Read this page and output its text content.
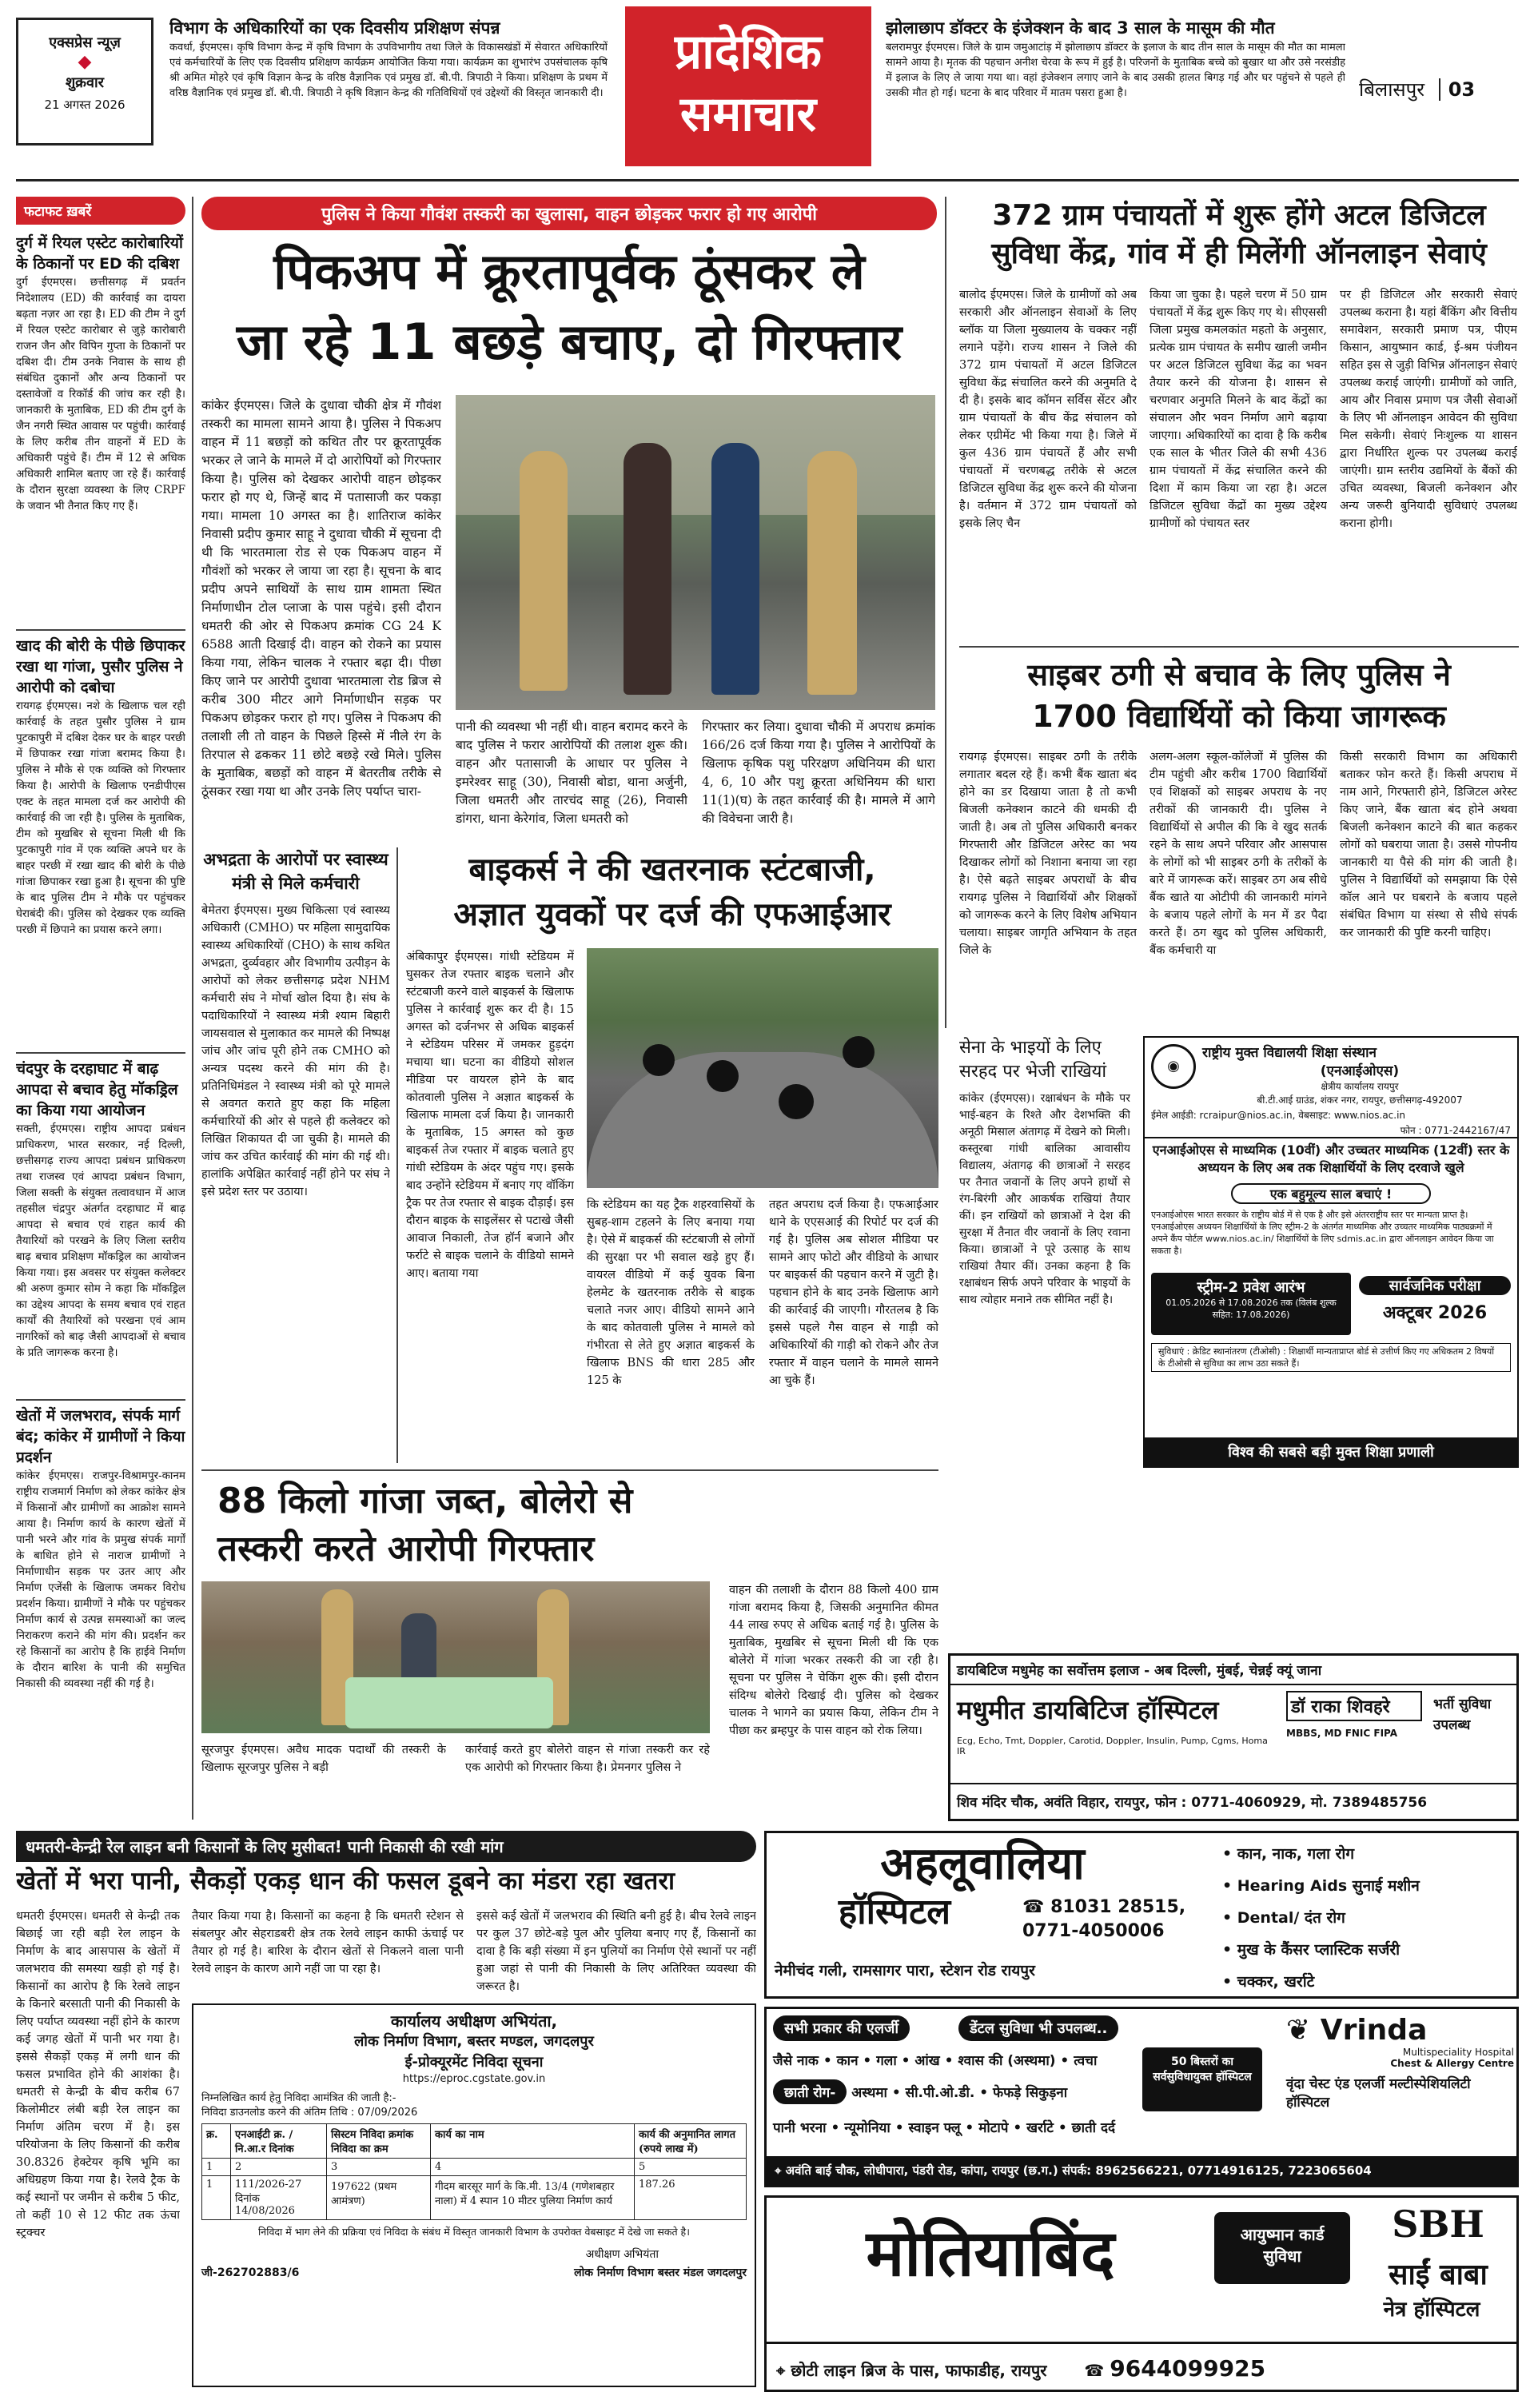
एक्सप्रेस न्यूज़
◆
शुक्रवार
21 अगस्त 2026
विभाग के अधिकारियों का एक दिवसीय प्रशिक्षण संपन्न
कवर्धा, ईएमएस। कृषि विभाग केन्द्र में कृषि विभाग के उपविभागीय तथा जिले के विकासखंडों में सेवारत अधिकारियों एवं कर्मचारियों के लिए एक दिवसीय प्रशिक्षण कार्यक्रम आयोजित किया गया। कार्यक्रम का शुभारंभ उपसंचालक कृषि श्री अमित मोहरे एवं कृषि विज्ञान केन्द्र के वरिष्ठ वैज्ञानिक एवं प्रमुख डॉ. बी.पी. त्रिपाठी ने किया। प्रशिक्षण के प्रथम में वरिष्ठ वैज्ञानिक एवं प्रमुख डॉ. बी.पी. त्रिपाठी ने कृषि विज्ञान केन्द्र की गतिविधियों एवं उद्देश्यों की विस्तृत जानकारी दी।
प्रादेशिक
समाचार
झोलाछाप डॉक्टर के इंजेक्शन के बाद 3 साल के मासूम की मौत
बलरामपुर ईएमएस। जिले के ग्राम जमुआटांड़ में झोलाछाप डॉक्टर के इलाज के बाद तीन साल के मासूम की मौत का मामला सामने आया है। मृतक की पहचान अनीश चेरवा के रूप में हुई है। परिजनों के मुताबिक बच्चे को बुखार था और उसे नरसंडीह में इलाज के लिए ले जाया गया था। वहां इंजेक्शन लगाए जाने के बाद उसकी हालत बिगड़ गई और घर पहुंचने से पहले ही उसकी मौत हो गई। घटना के बाद परिवार में मातम पसरा हुआ है।	बिलासपुर 03
फटाफट ख़बरें
दुर्ग में रियल एस्टेट कारोबारियों के ठिकानों पर ED की दबिश
दुर्ग ईएमएस। छत्तीसगढ़ में प्रवर्तन निदेशालय (ED) की कार्रवाई का दायरा बढ़ता नज़र आ रहा है। ED की टीम ने दुर्ग में रियल एस्टेट कारोबार से जुड़े कारोबारी राजन जैन और विपिन गुप्ता के ठिकानों पर दबिश दी। टीम उनके निवास के साथ ही संबंधित दुकानों और अन्य ठिकानों पर दस्तावेजों व रिकॉर्ड की जांच कर रही है। जानकारी के मुताबिक, ED की टीम दुर्ग के जैन नगरी स्थित आवास पर पहुंची। कार्रवाई के लिए करीब तीन वाहनों में ED के अधिकारी पहुंचे हैं। टीम में 12 से अधिक अधिकारी शामिल बताए जा रहे हैं। कार्रवाई के दौरान सुरक्षा व्यवस्था के लिए CRPF के जवान भी तैनात किए गए हैं।
खाद की बोरी के पीछे छिपाकर रखा था गांजा, पुसौर पुलिस ने आरोपी को दबोचा
रायगढ़ ईएमएस। नशे के खिलाफ चल रही कार्रवाई के तहत पुसौर पुलिस ने ग्राम पुटकापुरी में दबिश देकर घर के बाहर परछी में छिपाकर रखा गांजा बरामद किया है। पुलिस ने मौके से एक व्यक्ति को गिरफ्तार किया है। आरोपी के खिलाफ एनडीपीएस एक्ट के तहत मामला दर्ज कर आरोपी की कार्रवाई की जा रही है। पुलिस के मुताबिक, टीम को मुखबिर से सूचना मिली थी कि पुटकापुरी गांव में एक व्यक्ति अपने घर के बाहर परछी में रखा खाद की बोरी के पीछे गांजा छिपाकर रखा हुआ है। सूचना की पुष्टि के बाद पुलिस टीम ने मौके पर पहुंचकर घेराबंदी की। पुलिस को देखकर एक व्यक्ति परछी में छिपाने का प्रयास करने लगा।
चंदपुर के दरहाघाट में बाढ़ आपदा से बचाव हेतु मॉकड्रिल का किया गया आयोजन
सक्ती, ईएमएस। राष्ट्रीय आपदा प्रबंधन प्राधिकरण, भारत सरकार, नई दिल्ली, छत्तीसगढ़ राज्य आपदा प्रबंधन प्राधिकरण तथा राजस्व एवं आपदा प्रबंधन विभाग, जिला सक्ती के संयुक्त तत्वावधान में आज तहसील चंद्रपुर अंतर्गत दरहाघाट में बाढ़ आपदा से बचाव एवं राहत कार्य की तैयारियों को परखने के लिए जिला स्तरीय बाढ़ बचाव प्रशिक्षण मॉकड्रिल का आयोजन किया गया। इस अवसर पर संयुक्त कलेक्टर श्री अरुण कुमार सोम ने कहा कि मॉकड्रिल का उद्देश्य आपदा के समय बचाव एवं राहत कार्यों की तैयारियों को परखना एवं आम नागरिकों को बाढ़ जैसी आपदाओं से बचाव के प्रति जागरूक करना है।
खेतों में जलभराव, संपर्क मार्ग बंद; कांकेर में ग्रामीणों ने किया प्रदर्शन
कांकेर ईएमएस। राजपुर-विश्रामपुर-कानम राष्ट्रीय राजमार्ग निर्माण को लेकर कांकेर क्षेत्र में किसानों और ग्रामीणों का आक्रोश सामने आया है। निर्माण कार्य के कारण खेतों में पानी भरने और गांव के प्रमुख संपर्क मार्गों के बाधित होने से नाराज ग्रामीणों ने निर्माणाधीन सड़क पर उतर आए और निर्माण एजेंसी के खिलाफ जमकर विरोध प्रदर्शन किया। ग्रामीणों ने मौके पर पहुंचकर निर्माण कार्य से उत्पन्न समस्याओं का जल्द निराकरण कराने की मांग की। प्रदर्शन कर रहे किसानों का आरोप है कि हाईवे निर्माण के दौरान बारिश के पानी की समुचित निकासी की व्यवस्था नहीं की गई है।
पुलिस ने किया गौवंश तस्करी का खुलासा, वाहन छोड़कर फरार हो गए आरोपी
पिकअप में क्रूरतापूर्वक ठूंसकर ले
जा रहे 11 बछड़े बचाए, दो गिरफ्तार
कांकेर ईएमएस। जिले के दुधावा चौकी क्षेत्र में गौवंश तस्करी का मामला सामने आया है। पुलिस ने पिकअप वाहन में 11 बछड़ों को कथित तौर पर क्रूरतापूर्वक भरकर ले जाने के मामले में दो आरोपियों को गिरफ्तार किया है। पुलिस को देखकर आरोपी वाहन छोड़कर फरार हो गए थे, जिन्हें बाद में पतासाजी कर पकड़ा गया। मामला 10 अगस्त का है। शातिराज कांकेर निवासी प्रदीप कुमार साहू ने दुधावा चौकी में सूचना दी थी कि भारतमाला रोड से एक पिकअप वाहन में गौवंशों को भरकर ले जाया जा रहा है। सूचना के बाद प्रदीप अपने साथियों के साथ ग्राम शामता स्थित निर्माणाधीन टोल प्लाजा के पास पहुंचे। इसी दौरान धमतरी की ओर से पिकअप क्रमांक CG 24 K 6588 आती दिखाई दी। वाहन को रोकने का प्रयास किया गया, लेकिन चालक ने रफ्तार बढ़ा दी। पीछा किए जाने पर आरोपी दुधावा भारतमाला रोड ब्रिज से करीब 300 मीटर आगे निर्माणाधीन सड़क पर पिकअप छोड़कर फरार हो गए। पुलिस ने पिकअप की तलाशी ली तो वाहन के पिछले हिस्से में नीले रंग के तिरपाल से ढककर 11 छोटे बछड़े रखे मिले। पुलिस के मुताबिक, बछड़ों को वाहन में बेतरतीब तरीके से ठूंसकर रखा गया था और उनके लिए पर्याप्त चारा-
पानी की व्यवस्था भी नहीं थी। वाहन बरामद करने के बाद पुलिस ने फरार आरोपियों की तलाश शुरू की। वाहन और पतासाजी के आधार पर पुलिस ने इमरेश्वर साहू (30), निवासी बोडा, थाना अर्जुनी, जिला धमतरी और तारचंद साहू (26), निवासी डांगरा, थाना केरेगांव, जिला धमतरी को
गिरफ्तार कर लिया। दुधावा चौकी में अपराध क्रमांक 166/26 दर्ज किया गया है। पुलिस ने आरोपियों के खिलाफ कृषिक पशु परिरक्षण अधिनियम की धारा 4, 6, 10 और पशु क्रूरता अधिनियम की धारा 11(1)(घ) के तहत कार्रवाई की है। मामले में आगे की विवेचना जारी है।
372 ग्राम पंचायतों में शुरू होंगे अटल डिजिटल
सुविधा केंद्र, गांव में ही मिलेंगी ऑनलाइन सेवाएं
बालोद ईएमएस। जिले के ग्रामीणों को अब सरकारी और ऑनलाइन सेवाओं के लिए ब्लॉक या जिला मुख्यालय के चक्कर नहीं लगाने पड़ेंगे। राज्य शासन ने जिले की 372 ग्राम पंचायतों में अटल डिजिटल सुविधा केंद्र संचालित करने की अनुमति दे दी है। इसके बाद कॉमन सर्विस सेंटर और ग्राम पंचायतों के बीच केंद्र संचालन को लेकर एग्रीमेंट भी किया गया है। जिले में कुल 436 ग्राम पंचायतें हैं और सभी पंचायतों में चरणबद्ध तरीके से अटल डिजिटल सुविधा केंद्र शुरू करने की योजना है। वर्तमान में 372 ग्राम पंचायतों को इसके लिए चैन
किया जा चुका है। पहले चरण में 50 ग्राम पंचायतों में केंद्र शुरू किए गए थे। सीएससी जिला प्रमुख कमलकांत महतो के अनुसार, प्रत्येक ग्राम पंचायत के समीप खाली जमीन पर अटल डिजिटल सुविधा केंद्र का भवन तैयार करने की योजना है। शासन से चरणवार अनुमति मिलने के बाद केंद्रों का संचालन और भवन निर्माण आगे बढ़ाया जाएगा। अधिकारियों का दावा है कि करीब एक साल के भीतर जिले की सभी 436 ग्राम पंचायतों में केंद्र संचालित करने की दिशा में काम किया जा रहा है। अटल डिजिटल सुविधा केंद्रों का मुख्य उद्देश्य ग्रामीणों को पंचायत स्तर
पर ही डिजिटल और सरकारी सेवाएं उपलब्ध कराना है। यहां बैंकिंग और वित्तीय समावेशन, सरकारी प्रमाण पत्र, पीएम किसान, आयुष्मान कार्ड, ई-श्रम पंजीयन सहित इस से जुड़ी विभिन्न ऑनलाइन सेवाएं उपलब्ध कराई जाएंगी। ग्रामीणों को जाति, आय और निवास प्रमाण पत्र जैसी सेवाओं के लिए भी ऑनलाइन आवेदन की सुविधा मिल सकेगी। सेवाएं निःशुल्क या शासन द्वारा निर्धारित शुल्क पर उपलब्ध कराई जाएंगी। ग्राम स्तरीय उद्यमियों के बैंकों की उचित व्यवस्था, बिजली कनेक्शन और अन्य जरूरी बुनियादी सुविधाएं उपलब्ध कराना होगी।
साइबर ठगी से बचाव के लिए पुलिस ने
1700 विद्यार्थियों को किया जागरूक
रायगढ़ ईएमएस। साइबर ठगी के तरीके लगातार बदल रहे हैं। कभी बैंक खाता बंद होने का डर दिखाया जाता है तो कभी बिजली कनेक्शन काटने की धमकी दी जाती है। अब तो पुलिस अधिकारी बनकर गिरफ्तारी और डिजिटल अरेस्ट का भय दिखाकर लोगों को निशाना बनाया जा रहा है। ऐसे बढ़ते साइबर अपराधों के बीच रायगढ़ पुलिस ने विद्यार्थियों और शिक्षकों को जागरूक करने के लिए विशेष अभियान चलाया। साइबर जागृति अभियान के तहत जिले के
अलग-अलग स्कूल-कॉलेजों में पुलिस की टीम पहुंची और करीब 1700 विद्यार्थियों एवं शिक्षकों को साइबर अपराध के नए तरीकों की जानकारी दी। पुलिस ने विद्यार्थियों से अपील की कि वे खुद सतर्क रहने के साथ अपने परिवार और आसपास के लोगों को भी साइबर ठगी के तरीकों के बारे में जागरूक करें। साइबर ठग अब सीधे बैंक खाते या ओटीपी की जानकारी मांगने के बजाय पहले लोगों के मन में डर पैदा करते हैं। ठग खुद को पुलिस अधिकारी, बैंक कर्मचारी या
किसी सरकारी विभाग का अधिकारी बताकर फोन करते हैं। किसी अपराध में नाम आने, गिरफ्तारी होने, डिजिटल अरेस्ट किए जाने, बैंक खाता बंद होने अथवा बिजली कनेक्शन काटने की बात कहकर लोगों को घबराया जाता है। उससे गोपनीय जानकारी या पैसे की मांग की जाती है। पुलिस ने विद्यार्थियों को समझाया कि ऐसे कॉल आने पर घबराने के बजाय पहले संबंधित विभाग या संस्था से सीधे संपर्क कर जानकारी की पुष्टि करनी चाहिए।
अभद्रता के आरोपों पर स्वास्थ्य मंत्री से मिले कर्मचारी
बेमेतरा ईएमएस। मुख्य चिकित्सा एवं स्वास्थ्य अधिकारी (CMHO) पर महिला सामुदायिक स्वास्थ्य अधिकारियों (CHO) के साथ कथित अभद्रता, दुर्व्यवहार और विभागीय उत्पीड़न के आरोपों को लेकर छत्तीसगढ़ प्रदेश NHM कर्मचारी संघ ने मोर्चा खोल दिया है। संघ के पदाधिकारियों ने स्वास्थ्य मंत्री श्याम बिहारी जायसवाल से मुलाकात कर मामले की निष्पक्ष जांच और जांच पूरी होने तक CMHO को अन्यत्र पदस्थ करने की मांग की है। प्रतिनिधिमंडल ने स्वास्थ्य मंत्री को पूरे मामले से अवगत कराते हुए कहा कि महिला कर्मचारियों की ओर से पहले ही कलेक्टर को लिखित शिकायत दी जा चुकी है। मामले की जांच कर उचित कार्रवाई की मांग की गई थी। हालांकि अपेक्षित कार्रवाई नहीं होने पर संघ ने इसे प्रदेश स्तर पर उठाया।
बाइकर्स ने की खतरनाक स्टंटबाजी,
अज्ञात युवकों पर दर्ज की एफआईआर
अंबिकापुर ईएमएस। गांधी स्टेडियम में घुसकर तेज रफ्तार बाइक चलाने और स्टंटबाजी करने वाले बाइकर्स के खिलाफ पुलिस ने कार्रवाई शुरू कर दी है। 15 अगस्त को दर्जनभर से अधिक बाइकर्स ने स्टेडियम परिसर में जमकर हुड़दंग मचाया था। घटना का वीडियो सोशल मीडिया पर वायरल होने के बाद कोतवाली पुलिस ने अज्ञात बाइकर्स के खिलाफ मामला दर्ज किया है। जानकारी के मुताबिक, 15 अगस्त को कुछ बाइकर्स तेज रफ्तार में बाइक चलाते हुए गांधी स्टेडियम के अंदर पहुंच गए। इसके बाद उन्होंने स्टेडियम में बनाए गए वॉकिंग ट्रैक पर तेज रफ्तार से बाइक दौड़ाई। इस दौरान बाइक के साइलेंसर से पटाखे जैसी आवाज निकाली, तेज हॉर्न बजाने और फर्राटे से बाइक चलाने के वीडियो सामने आए। बताया गया
कि स्टेडियम का यह ट्रैक शहरवासियों के सुबह-शाम टहलने के लिए बनाया गया है। ऐसे में बाइकर्स की स्टंटबाजी से लोगों की सुरक्षा पर भी सवाल खड़े हुए हैं। वायरल वीडियो में कई युवक बिना हेलमेट के खतरनाक तरीके से बाइक चलाते नजर आए। वीडियो सामने आने के बाद कोतवाली पुलिस ने मामले को गंभीरता से लेते हुए अज्ञात बाइकर्स के खिलाफ BNS की धारा 285 और 125 के
तहत अपराध दर्ज किया है। एफआईआर थाने के एएसआई की रिपोर्ट पर दर्ज की गई है। पुलिस अब सोशल मीडिया पर सामने आए फोटो और वीडियो के आधार पर बाइकर्स की पहचान करने में जुटी है। पहचान होने के बाद उनके खिलाफ आगे की कार्रवाई की जाएगी। गौरतलब है कि इससे पहले गैस वाहन से गाड़ी को अधिकारियों की गाड़ी को रोकने और तेज रफ्तार में वाहन चलाने के मामले सामने आ चुके हैं।
सेना के भाइयों के लिए सरहद पर भेजी राखियां
कांकेर (ईएमएस)। रक्षाबंधन के मौके पर भाई-बहन के रिश्ते और देशभक्ति की अनूठी मिसाल अंतागढ़ में देखने को मिली। कस्तूरबा गांधी बालिका आवासीय विद्यालय, अंतागढ़ की छात्राओं ने सरहद पर तैनात जवानों के लिए अपने हाथों से रंग-बिरंगी और आकर्षक राखियां तैयार कीं। इन राखियों को छात्राओं ने देश की सुरक्षा में तैनात वीर जवानों के लिए रवाना किया। छात्राओं ने पूरे उत्साह के साथ राखियां तैयार कीं। उनका कहना है कि रक्षाबंधन सिर्फ अपने परिवार के भाइयों के साथ त्योहार मनाने तक सीमित नहीं है।
◉
राष्ट्रीय मुक्त विद्यालयी शिक्षा संस्थान
(एनआईओएस)
क्षेत्रीय कार्यालय रायपुर
बी.टी.आई ग्राउंड, शंकर नगर, रायपुर, छत्तीसगढ़-492007
ईमेल आईडी: rcraipur@nios.ac.in, वेबसाइट: www.nios.ac.in
फोन : 0771-2442167/47
एनआईओएस से माध्यमिक (10वीं) और उच्चतर माध्यमिक (12वीं) स्तर के अध्ययन के लिए अब तक शिक्षार्थियों के लिए दरवाजे खुले
एक बहुमूल्य साल बचाएं !
एनआईओएस भारत सरकार के राष्ट्रीय बोर्ड में से एक है और इसे अंतरराष्ट्रीय स्तर पर मान्यता प्राप्त है। एनआईओएस अध्ययन शिक्षार्थियों के लिए स्ट्रीम-2 के अंतर्गत माध्यमिक और उच्चतर माध्यमिक पाठ्यक्रमों में अपने कैंप पोर्टल www.nios.ac.in/ शिक्षार्थियों के लिए sdmis.ac.in द्वारा ऑनलाइन आवेदन किया जा सकता है।
स्ट्रीम-2 प्रवेश आरंभ
01.05.2026 से 17.08.2026 तक (विलंब शुल्क सहित: 17.08.2026)
सार्वजनिक परीक्षा
अक्टूबर 2026
सुविधाएं : क्रेडिट स्थानांतरण (टीओसी) : शिक्षार्थी मान्यताप्राप्त बोर्ड से उत्तीर्ण किए गए अधिकतम 2 विषयों के टीओसी से सुविधा का लाभ उठा सकते हैं।
विश्व की सबसे बड़ी मुक्त शिक्षा प्रणाली
88 किलो गांजा जब्त, बोलेरो से
तस्करी करते आरोपी गिरफ्तार
सूरजपुर ईएमएस। अवैध मादक पदार्थों की तस्करी के खिलाफ सूरजपुर पुलिस ने बड़ी
कार्रवाई करते हुए बोलेरो वाहन से गांजा तस्करी कर रहे एक आरोपी को गिरफ्तार किया है। प्रेमनगर पुलिस ने
वाहन की तलाशी के दौरान 88 किलो 400 ग्राम गांजा बरामद किया है, जिसकी अनुमानित कीमत 44 लाख रुपए से अधिक बताई गई है। पुलिस के मुताबिक, मुखबिर से सूचना मिली थी कि एक बोलेरो में गांजा भरकर तस्करी की जा रही है। सूचना पर पुलिस ने चेकिंग शुरू की। इसी दौरान संदिग्ध बोलेरो दिखाई दी। पुलिस को देखकर चालक ने भागने का प्रयास किया, लेकिन टीम ने पीछा कर ब्रम्हपुर के पास वाहन को रोक लिया।
डायबिटिज मधुमेह का सर्वोत्तम इलाज - अब दिल्ली, मुंबई, चेन्नई क्यूं जाना
मधुमीत डायबिटिज हॉस्पिटल
Ecg, Echo, Tmt, Doppler, Carotid, Doppler, Insulin, Pump, Cgms, Homa IR
डॉ राका शिवहरे
MBBS, MD FNIC FIPA
भर्ती सुविधा उपलब्ध
शिव मंदिर चौक, अवंति विहार, रायपुर, फोन : 0771-4060929, मो. 7389485756
धमतरी-केन्द्री रेल लाइन बनी किसानों के लिए मुसीबत! पानी निकासी की रखी मांग
खेतों में भरा पानी, सैकड़ों एकड़ धान की फसल डूबने का मंडरा रहा खतरा
धमतरी ईएमएस। धमतरी से केन्द्री तक बिछाई जा रही बड़ी रेल लाइन के निर्माण के बाद आसपास के खेतों में जलभराव की समस्या खड़ी हो गई है। किसानों का आरोप है कि रेलवे लाइन के किनारे बरसाती पानी की निकासी के लिए पर्याप्त व्यवस्था नहीं होने के कारण कई जगह खेतों में पानी भर गया है। इससे सैकड़ों एकड़ में लगी धान की फसल प्रभावित होने की आशंका है। धमतरी से केन्द्री के बीच करीब 67 किलोमीटर लंबी बड़ी रेल लाइन का निर्माण अंतिम चरण में है। इस परियोजना के लिए किसानों की करीब 30.8326 हेक्टेयर कृषि भूमि का अधिग्रहण किया गया है। रेलवे ट्रैक के कई स्थानों पर जमीन से करीब 5 फीट, तो कहीं 10 से 12 फीट तक ऊंचा स्ट्रक्चर
तैयार किया गया है। किसानों का कहना है कि धमतरी स्टेशन से संबलपुर और सेहराडबरी क्षेत्र तक रेलवे लाइन काफी ऊंचाई पर तैयार हो गई है। बारिश के दौरान खेतों से निकलने वाला पानी रेलवे लाइन के कारण आगे नहीं जा पा रहा है।
इससे कई खेतों में जलभराव की स्थिति बनी हुई है। बीच रेलवे लाइन पर कुल 37 छोटे-बड़े पुल और पुलिया बनाए गए हैं, किसानों का दावा है कि बड़ी संख्या में इन पुलियों का निर्माण ऐसे स्थानों पर नहीं हुआ जहां से पानी की निकासी के लिए अतिरिक्त व्यवस्था की जरूरत है।
कार्यालय अधीक्षण अभियंता,
लोक निर्माण विभाग, बस्तर मण्डल, जगदलपुर
ई-प्रोक्यूरमेंट निविदा सूचना
https://eproc.cgstate.gov.in
निम्नलिखित कार्य हेतु निविदा आमंत्रित की जाती है:-
निविदा डाउनलोड करने की अंतिम तिथि : 07/09/2026
क्र.	एनआईटी क्र. / नि.आ.र दिनांक	सिस्टम निविदा क्रमांक निविदा का क्रम	कार्य का नाम	कार्य की अनुमानित लागत (रुपये लाख में)
1	2	3	4	5
1	111/2026-27 दिनांक 14/08/2026	197622 (प्रथम आमंत्रण)	गीदम बारसूर मार्ग के कि.मी. 13/4 (गणेशबहार नाला) में 4 स्पान 10 मीटर पुलिया निर्माण कार्य	187.26
निविदा में भाग लेने की प्रक्रिया एवं निविदा के संबंध में विस्तृत जानकारी विभाग के उपरोक्त वेबसाइट में देखे जा सकते है।
अधीक्षण अभियंता
जी-262702883/6	लोक निर्माण विभाग बस्तर मंडल जगदलपुर
अहलूवालिया
हॉस्पिटल	☎ 81031 28515,
0771-4050006
नेमीचंद गली, रामसागर पारा, स्टेशन रोड रायपुर
• कान, नाक, गला रोग
• Hearing Aids सुनाई मशीन
• Dental/ दंत रोग
• मुख के कैंसर प्लास्टिक सर्जरी
• चक्कर, खर्राटे
सभी प्रकार की एलर्जी	डेंटल सुविधा भी उपलब्ध..
जैसे नाक • कान • गला • आंख • श्वास की (अस्थमा) • त्वचा
छाती रोग- अस्थमा • सी.पी.ओ.डी. • फेफड़े सिकुड़ना
पानी भरना • न्यूमोनिया • स्वाइन फ्लू • मोटापे • खर्राटे • छाती दर्द
50 बिस्तरों का सर्वसुविधायुक्त हॉस्पिटल
❦ Vrinda
Multispeciality Hospital
Chest & Allergy Centre
वृंदा चेस्ट एंड एलर्जी मल्टीस्पेशियलिटी हॉस्पिटल
⌖ अवंति बाई चौक, लोधीपारा, पंडरी रोड, कांपा, रायपुर (छ.ग.) संपर्क: 8962566221, 07714916125, 7223065604
मोतियाबिंद	आयुष्मान कार्ड सुविधा
SBH
साईं बाबा
नेत्र हॉस्पिटल
⌖ छोटी लाइन ब्रिज के पास, फाफाडीह, रायपुर ☎ 9644099925
